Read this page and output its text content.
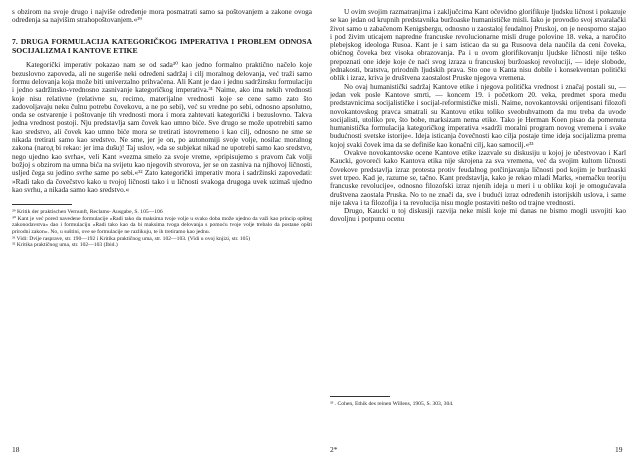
s obzirom na svoje drugo i najviše određenje mora posmatrati samo sa poštovanjem a zakone ovoga određenja sa najvišim strahopoštovanjem.«²⁹

7. DRUGA FORMULACIJA KATEGORIČKOG IMPERATIVA I PROBLEM ODNOSA SOCIJALIZMA I KANTOVE ETIKE

Kategorički imperativ pokazao nam se od sada³⁰ kao jedno formalno praktično načelo koje bezuslovno zapoveda, ali ne sugeriše neki određeni sadržaj i cilj moralnog delovanja, već traži samo formu delovanja koja može biti univerzalno prihvaćena. Ali Kant je dao i jednu sadržinsku formulaciju i jedno sadržinsko-vrednosno zasnivanje kategoričkog imperativa.³¹ Naime, ako ima nekih vrednosti koje nisu relativne (relativne su, recimo, materijalne vrednosti koje se cene samo zato što zadovoljavaju neku čulnu potrebu čovekovu, a ne po sebi), već su vredne po sebi, odnosno apsolutno, onda se ostvarenje i poštovanje tih vrednosti mora i mora zahtevati kategorički i bezuslovno. Takva jedna vrednost postoji. Nju predstavlja sam čovek kao umno biće. Sve drugo se može upotrebiti samo kao sredstvo, ali čovek kao umno biće mora se tretirati istovremeno i kao cilj, odnosno ne sme se nikada tretirati samo kao sredstvo. Ne sme, jer je on, po autonomiji svoje volje, nosilac moralnog zakona (naroд bi rekao: jer ima dušu)! Taj uslov, »da se subjekat nikad ne upotrebi samo kao sredstvo, nego ujedno kao svrha«, veli Kant »vezma smelo za svoje vreme, »pripisujemo s pravom čak volji božjoj s obzirom na umna bića na svijetu kao njegovih stvorova, jer se on zasniva na njihovoj ličnosti, usljed čega su jedino svrhe same po sebi.«³² Zato kategorički imperativ mora i sadržinski zapovedati: »Radi tako da čovečstvo kako u tvojoj ličnosti tako i u ličnosti svakoga drugoga uvek uzimaš ujedno kao svrhu, a nikada samo kao sredstvo.«

²⁹ Kritik der praktischen Vernunft, Reclams- Ausgabe, S. 105—106

³⁰ Kant je već pored navedene formulacije »Radi tako da maksima tvoje volje u svako doba može ujedno da važi kao princip opšteg zakonodavstva« dao i formulaciju »Radi tako kao da bi maksima tvoga delovanja s pomoću tvoje volje trebalo da postane opšti prirodni zakon«. No, u suštini, ove se formulacije ne razlikuju, te ih tretiramo kao jednu.

³¹ Vidi: Dvije rasprave, str. 190—192 i Kritika praktičnog uma, str. 102—103. (Vidi u ovoj knjizi, str. 105)

³² Kritika praktičnog uma, str. 102—103 (Ibid.)

18

U ovim svojim razmatranjima i zaključcima Kant očevidno glorifikuje ljudsku ličnost i pokazuje se kao jedan od krupnih predstavnika buržoaske humanističke misli. Iako je provodio svoj stvaralački život samo u zabačenom Kenigsbergu, odnosno u zaostaloj feudalnoj Pruskoj, on je neosporno stajao i pod živim uticajem napredne francuske revolucionarne misli druge polovine 18. veka, a naročito plebejskog ideologa Rusoa. Kant je i sam isticao da su ga Rusoova dela naučila da ceni čoveka, obićnog čoveka bez visoka obrazovanja. Pa i u ovom glorifikovanju ljudske ličnosti nije teško prepoznati one ideje koje će naći svog izraza u francuskoj buržoaskoj revoluciji, — ideje slobode, jednakosti, bratstva, prirodnih ljudskih prava. Sto one u Kanta nisu dobile i konsekventan politički oblik i izraz, kriva je društvena zaostalost Pruske njegova vremena.

No ovaj humanistički sadržaj Kantove etike i njegova politička vrednost i značaj postali su, — jedan vek posle Kantove smrti, — koncem 19. i početkom 20. veka, predmet spora među predstavnicima socijalističke i socijal-reformističke misli. Naime, novokantovski orijentisani filozofi novokantovskog pravca smatrali su Kantovu etiku toliko sveobuhvatnom da mu treba da uvode socijalisti, utoliko pre, što bobe, marksizam nema etike. Tako je Herman Koen pisao da pomenuta humanistička formulacija kategoričkog imperativa »sadrži moralni program novog vremena i svake budućnosti svetske istorije«. Ideja isticanja čovečnosti kao cilja postaje time ideja socijalizma prema kojoj svaki čovek ima da se definiše kao konačni cilj, kao samocilj.«³³

Ovakve novokantovske ocene Kantove etike izazvale su diskusiju u kojoj je učestvovao i Karl Kaucki, govoreći kako Kantova etika nije skrojena za sva vremena, već da svojim kultom ličnosti čovekove predstavlja izraz protesta protiv feudalnog potčinjavanja ličnosti pod kojim je buržoaski svet trpeo. Kad je, razume se, tačno. Kant predstavlja, kako je rekao mladi Marks, »nemačku teoriju francuske revolucije«, odnosno filozofski izraz njenih ideja u meri i u obliku koji je omogućavala društvena zaostala Pruska. No to ne znači da, sve i budući izraz određenih istorijskih uslova, i same nije takva i ta filozofija i ta revolucija nisu mogle postaviti nešto od trajne vrednosti.

Drugo, Kaucki u toj diskusiji razvija neke misli koje mi danas ne bismo mogli usvojiti kao dovoljnu i potpunu ocenu

³³ . Cohen, Ethik des reinen Willens, 1905, S. 303, 304.

2*	19
